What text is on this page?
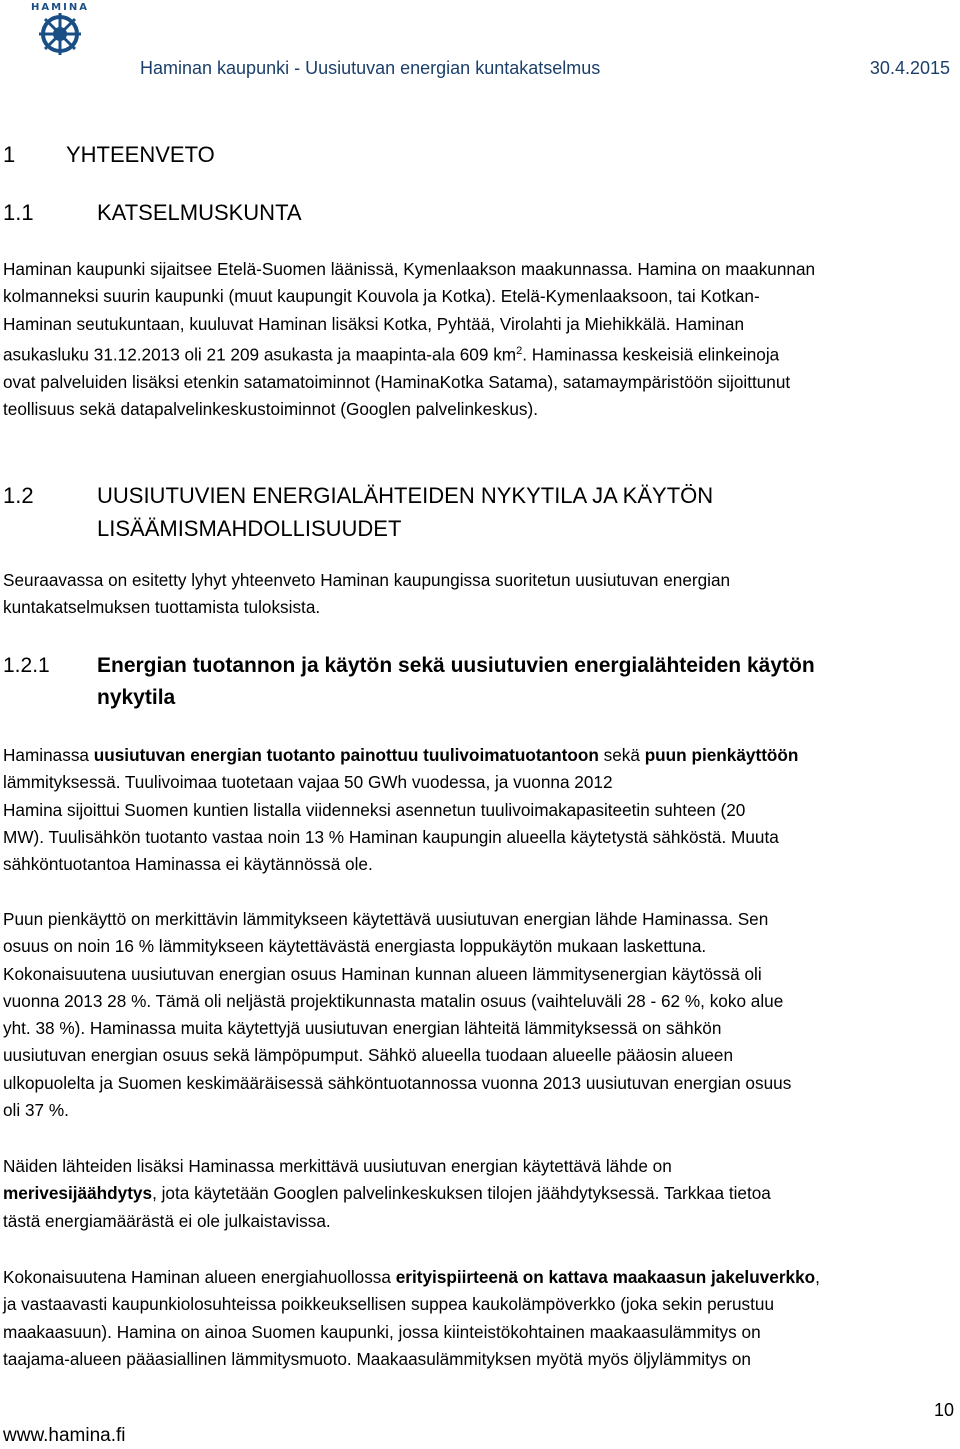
HAMINA
Haminan kaupunki - Uusiutuvan energian kuntakatselmus	30.4.2015
1 YHTEENVETO
1.1	KATSELMUSKUNTA

Haminan kaupunki sijaitsee Etelä-Suomen läänissä, Kymenlaakson maakunnassa. Hamina on maakunnan

kolmanneksi suurin kaupunki (muut kaupungit Kouvola ja Kotka). Etelä-Kymenlaaksoon, tai Kotkan-

Haminan seutukuntaan, kuuluvat Haminan lisäksi Kotka, Pyhtää, Virolahti ja Miehikkälä. Haminan

asukasluku 31.12.2013 oli 21 209 asukasta ja maapinta-ala 609 $km^2$. Haminassa keskeisiä elinkeinoja

ovat palveluiden lisäksi etenkin satamatoiminnot (HaminaKotka Satama), satamaympäristöön sijoittunut

teollisuus sekä datapalvelinkeskustoiminnot (Googlen palvelinkeskus).

1.2	UUSIUTUVIEN ENERGIALÄHTEIDEN NYKYTILA JA KÄYTÖN
LISÄÄMISMAHDOLLISUUDET

Seuraavassa on esitetty lyhyt yhteenveto Haminan kaupungissa suoritetun uusiutuvan energian

kuntakatselmuksen tuottamista tuloksista.

1.2.1 Energian tuotannon ja käytön sekä uusiutuvien energialähteiden käytön
nykytila

Haminassa uusiutuvan energian tuotanto painottuu tuulivoimatuotantoon sekä puun pienkäyttöön

lämmityksessä. Tuulivoimaa tuotetaan vajaa 50 GWh vuodessa, ja vuonna 2012

Hamina sijoittui Suomen kuntien listalla viidenneksi asennetun tuulivoimakapasiteetin suhteen (20

MW). Tuulisähkön tuotanto vastaa noin 13 % Haminan kaupungin alueella käytetystä sähköstä. Muuta

sähköntuotantoa Haminassa ei käytännössä ole.

Puun pienkäyttö on merkittävin lämmitykseen käytettävä uusiutuvan energian lähde Haminassa. Sen

osuus on noin 16 % lämmitykseen käytettävästä energiasta loppukäytön mukaan laskettuna.

Kokonaisuutena uusiutuvan energian osuus Haminan kunnan alueen lämmitysenergian käytössä oli

vuonna 2013 28 %. Tämä oli neljästä projektikunnasta matalin osuus (vaihteluväli 28 - 62 %, koko alue

yht. 38 %). Haminassa muita käytettyjä uusiutuvan energian lähteitä lämmityksessä on sähkön

uusiutuvan energian osuus sekä lämpöpumput. Sähkö alueella tuodaan alueelle pääosin alueen

ulkopuolelta ja Suomen keskimääräisessä sähköntuotannossa vuonna 2013 uusiutuvan energian osuus

oli 37 %.

Näiden lähteiden lisäksi Haminassa merkittävä uusiutuvan energian käytettävä lähde on

merivesijäähdytys, jota käytetään Googlen palvelinkeskuksen tilojen jäähdytyksessä. Tarkkaa tietoa

tästä energiamäärästä ei ole julkaistavissa.

Kokonaisuutena Haminan alueen energiahuollossa erityispiirteenä on kattava maakaasun jakeluverkko,

ja vastaavasti kaupunkiolosuhteissa poikkeuksellisen suppea kaukolämpöverkko (joka sekin perustuu

maakaasuun). Hamina on ainoa Suomen kaupunki, jossa kiinteistökohtainen maakaasulämmitys on

taajama-alueen pääasiallinen lämmitysmuoto. Maakaasulämmityksen myötä myös öljylämmitys on

10
www.hamina.fi
